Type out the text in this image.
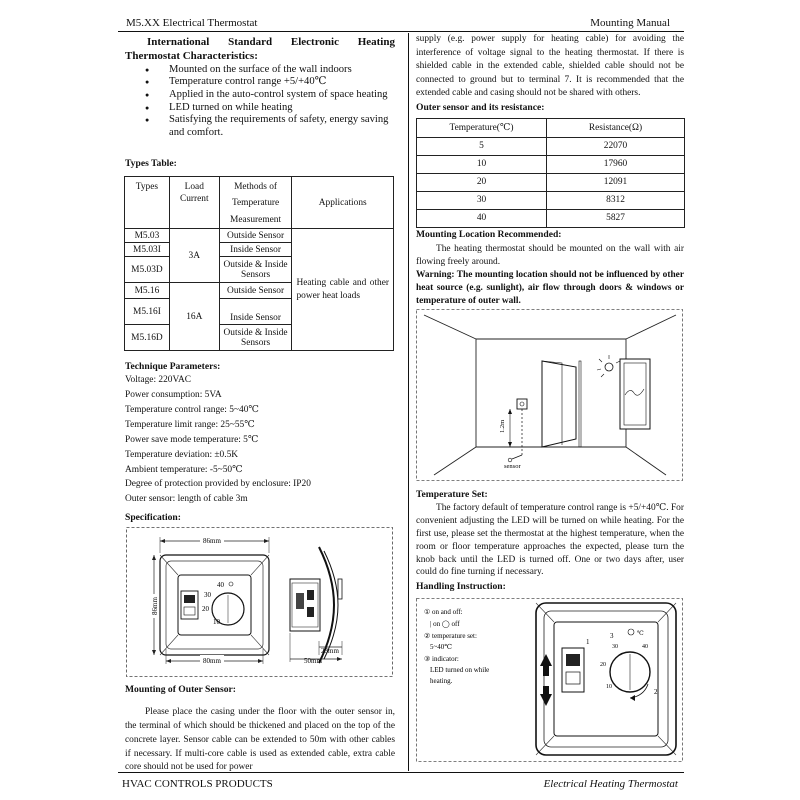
M5.XX Electrical Thermostat	Mounting Manual
International Standard Electronic Heating
Thermostat Characteristics:
● Mounted on the surface of the wall indoors
● Temperature control range +5/+40℃
● Applied in the auto-control system of space heating
● LED turned on while heating
● Satisfying the requirements of safety, energy saving and comfort.
Types Table:
Types	Load Current	Methods of Temperature Measurement	Applications
M5.03	3A	Outside Sensor	Heating cable and other power heat loads
M5.03I		Inside Sensor	
M5.03D		Outside & Inside Sensors	
M5.16	16A	Outside Sensor	
M5.16I		Inside Sensor	
M5.16D		Outside & Inside Sensors	
Technique Parameters:
Voltage: 220VAC
Power consumption: 5VA
Temperature control range: 5~40℃
Temperature limit range: 25~55℃
Power save mode temperature: 5℃
Temperature deviation: ±0.5K
Ambient temperature: -5~50℃
Degree of protection provided by enclosure: IP20
Outer sensor: length of cable 3m
Specification:
86mm
86mm
40
30
20
10
80mm
23mm
50mm
Mounting of Outer Sensor:
Please place the casing under the floor with the outer sensor in, the terminal of which should be thickened and placed on the top of the concrete layer. Sensor cable can be extended to 50m with other cables if necessary. If multi-core cable is used as extended cable, extra cable core should not be used for power
supply (e.g. power supply for heating cable) for avoiding the interference of voltage signal to the heating thermostat. If there is shielded cable in the extended cable, shielded cable should not be connected to ground but to terminal 7. It is recommended that the extended cable and casing should not be shared with others.
Outer sensor and its resistance:
Temperature(℃)	Resistance(Ω)
5	22070
10	17960
20	12091
30	8312
40	5827
Mounting Location Recommended:
The heating thermostat should be mounted on the wall with air flowing freely around.
Warning: The mounting location should not be influenced by other heat source (e.g. sunlight), air flow through doors & windows or temperature of outer wall.
1.2m
sensor
Temperature Set:
The factory default of temperature control range is +5/+40℃. For convenient adjusting the LED will be turned on while heating. For the first use, please set the thermostat at the highest temperature, when the room or floor temperature approaches the expected, please turn the knob back until the LED is turned off. One or two days after, user could do fine turning if necessary.
Handling Instruction:
① on and off:
| on ◯ off
② temperature set:
5~40℃
③ indicator:
LED turned on while
heating.
40
30
20
10
℃
2
3
1
HVAC CONTROLS PRODUCTS	Electrical Heating Thermostat
